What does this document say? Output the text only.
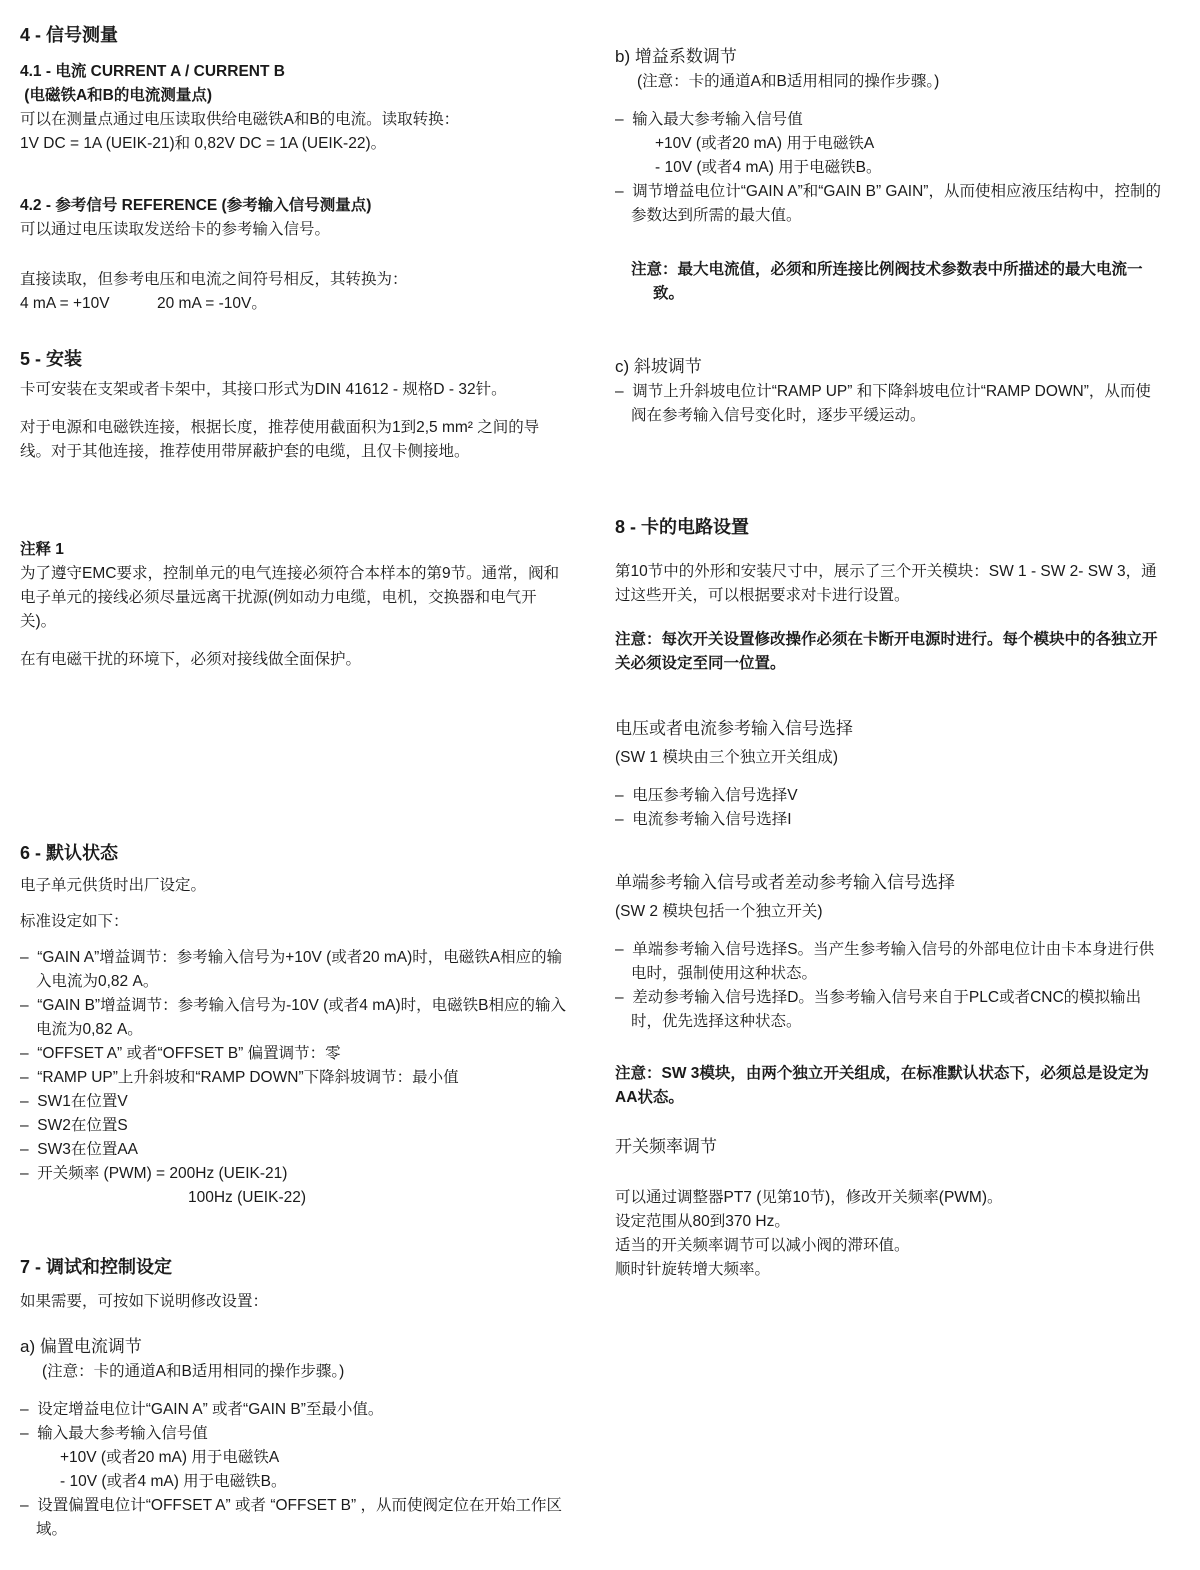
4 - 信号测量
4.1 - 电流 CURRENT A / CURRENT B
(电磁铁A和B的电流测量点)

可以在测量点通过电压读取供给电磁铁A和B的电流。读取转换：

1V DC = 1A (UEIK-21)和 0,82V DC = 1A (UEIK-22)。

4.2 - 参考信号 REFERENCE (参考输入信号测量点)

可以通过电压读取发送给卡的参考输入信号。

直接读取，但参考电压和电流之间符号相反，其转换为：

4 mA = +10V           20 mA = -10V。

5 - 安装

卡可安装在支架或者卡架中，其接口形式为DIN 41612 - 规格D - 32针。

对于电源和电磁铁连接，根据长度，推荐使用截面积为1到2,5 mm² 之间的导线。对于其他连接，推荐使用带屏蔽护套的电缆，且仅卡侧接地。

注释 1

为了遵守EMC要求，控制单元的电气连接必须符合本样本的第9节。通常，阀和电子单元的接线必须尽量远离干扰源(例如动力电缆，电机，交换器和电气开关)。

在有电磁干扰的环境下，必须对接线做全面保护。

6 - 默认状态

电子单元供货时出厂设定。

标准设定如下：

–  “GAIN A”增益调节：参考输入信号为+10V (或者20 mA)时，电磁铁A相应的输入电流为0,82 A。
–  “GAIN B”增益调节：参考输入信号为-10V (或者4 mA)时，电磁铁B相应的输入电流为0,82 A。
–  “OFFSET A” 或者“OFFSET B” 偏置调节：零
–  “RAMP UP”上升斜坡和“RAMP DOWN”下降斜坡调节：最小值
–  SW1在位置V
–  SW2在位置S
–  SW3在位置AA
–  开关频率 (PWM) = 200Hz (UEIK-21)

100Hz (UEIK-22)

7 - 调试和控制设定

如果需要，可按如下说明修改设置：

a) 偏置电流调节

(注意：卡的通道A和B适用相同的操作步骤。)

–  设定增益电位计“GAIN A” 或者“GAIN B”至最小值。
–  输入最大参考输入信号值

+10V (或者20 mA) 用于电磁铁A

- 10V (或者4 mA) 用于电磁铁B。

–  设置偏置电位计“OFFSET A” 或者 “OFFSET B” ，从而使阀定位在开始工作区域。

b) 增益系数调节

(注意：卡的通道A和B适用相同的操作步骤。)

–  输入最大参考输入信号值

+10V (或者20 mA) 用于电磁铁A

- 10V (或者4 mA) 用于电磁铁B。

–  调节增益电位计“GAIN A”和“GAIN B” GAIN”，从而使相应液压结构中，控制的参数达到所需的最大值。

注意：最大电流值，必须和所连接比例阀技术参数表中所描述的最大电流一致。

c) 斜坡调节

–  调节上升斜坡电位计“RAMP UP” 和下降斜坡电位计“RAMP DOWN”，从而使阀在参考输入信号变化时，逐步平缓运动。
8 - 卡的电路设置

第10节中的外形和安装尺寸中，展示了三个开关模块：SW 1 - SW 2- SW 3，通过这些开关，可以根据要求对卡进行设置。

注意：每次开关设置修改操作必须在卡断开电源时进行。每个模块中的各独立开关必须设定至同一位置。

电压或者电流参考输入信号选择

(SW 1 模块由三个独立开关组成)

–  电压参考输入信号选择V
–  电流参考输入信号选择I

单端参考输入信号或者差动参考输入信号选择

(SW 2 模块包括一个独立开关)

–  单端参考输入信号选择S。当产生参考输入信号的外部电位计由卡本身进行供电时，强制使用这种状态。
–  差动参考输入信号选择D。当参考输入信号来自于PLC或者CNC的模拟输出时，优先选择这种状态。

注意：SW 3模块，由两个独立开关组成，在标准默认状态下，必须总是设定为AA状态。

开关频率调节

可以通过调整器PT7 (见第10节)，修改开关频率(PWM)。

设定范围从80到370 Hz。

适当的开关频率调节可以减小阀的滞环值。

顺时针旋转增大频率。
